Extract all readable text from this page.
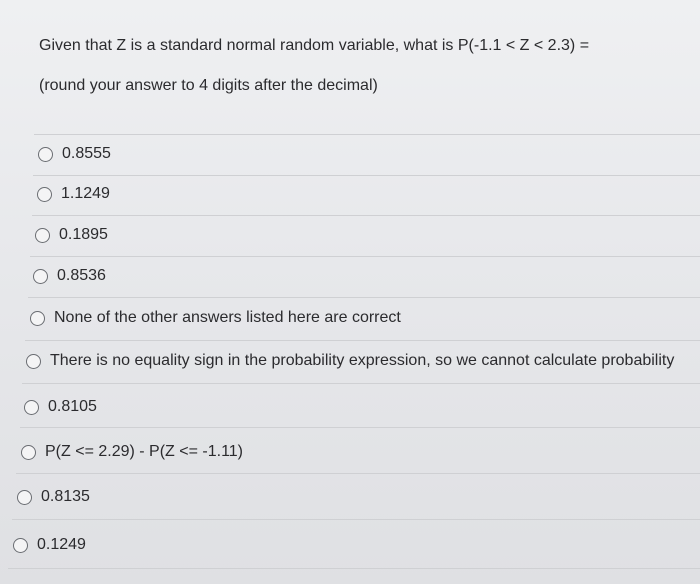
Given that Z is a standard normal random variable, what is P(-1.1 < Z < 2.3) =

(round your answer to 4 digits after the decimal)

0.8555
1.1249
0.1895
0.8536
None of the other answers listed here are correct
There is no equality sign in the probability expression, so we cannot calculate probability
0.8105
P(Z <= 2.29) - P(Z <= -1.11)
0.8135
0.1249
